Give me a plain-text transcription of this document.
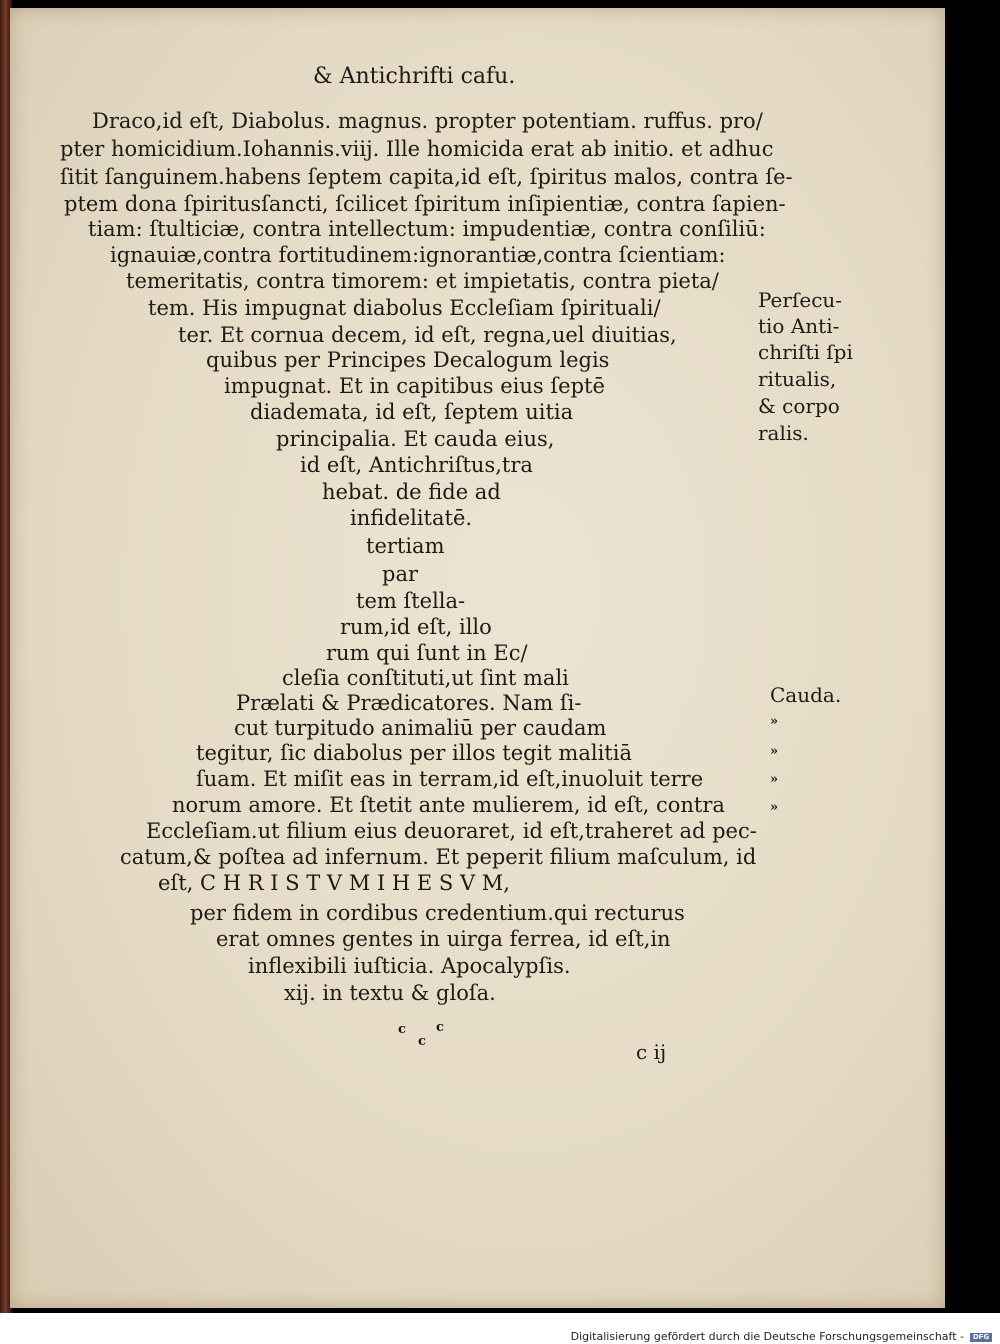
& Antichrifti cafu.
Draco,id eſt, Diabolus. magnus. propter potentiam. ruffus. pro/
pter homicidium.Iohannis.viij. Ille homicida erat ab initio. et adhuc
ſitit ſanguinem.habens ſeptem capita,id eſt, ſpiritus malos, contra ſe-
ptem dona ſpiritusſancti, ſcilicet ſpiritum inſipientiæ, contra ſapien-
tiam: ſtulticiæ, contra intellectum: impudentiæ, contra conſiliū:
ignauiæ,contra fortitudinem:ignorantiæ,contra ſcientiam:
temeritatis, contra timorem: et impietatis, contra pieta/
tem. His impugnat diabolus Eccleſiam ſpirituali/
ter. Et cornua decem, id eſt, regna,uel diuitias,
quibus per Principes Decalogum legis
impugnat. Et in capitibus eius ſeptē
diademata, id eſt, ſeptem uitia
principalia. Et cauda eius,
id eſt, Antichriſtus,tra
hebat. de fide ad
infidelitatē.
tertiam
par
tem ſtella-
rum,id eſt, illo
rum qui ſunt in Ec/
cleſia conſtituti,ut ſint mali
Prælati & Prædicatores. Nam ſi-
cut turpitudo animaliū per caudam
tegitur, ſic diabolus per illos tegit malitiā
ſuam. Et miſit eas in terram,id eſt,inuoluit terre
norum amore. Et ſtetit ante mulierem, id eſt, contra
Eccleſiam.ut filium eius deuoraret, id eſt,traheret ad pec-
catum,& poſtea ad infernum. Et peperit filium maſculum, id
eſt, C H R I S T V M I H E S V M,
per fidem in cordibus credentium.qui recturus
erat omnes gentes in uirga ferrea, id eſt,in
inflexibili iuſticia. Apocalypſis.
xij. in textu & gloſa.
Perſecu-
tio Anti-
chriſti ſpi
ritualis,
& corpo
ralis.
Cauda.
»
»
»
»
c
c
c
c ij
Digitalisierung gefördert durch die Deutsche Forschungsgemeinschaft -	DFG
